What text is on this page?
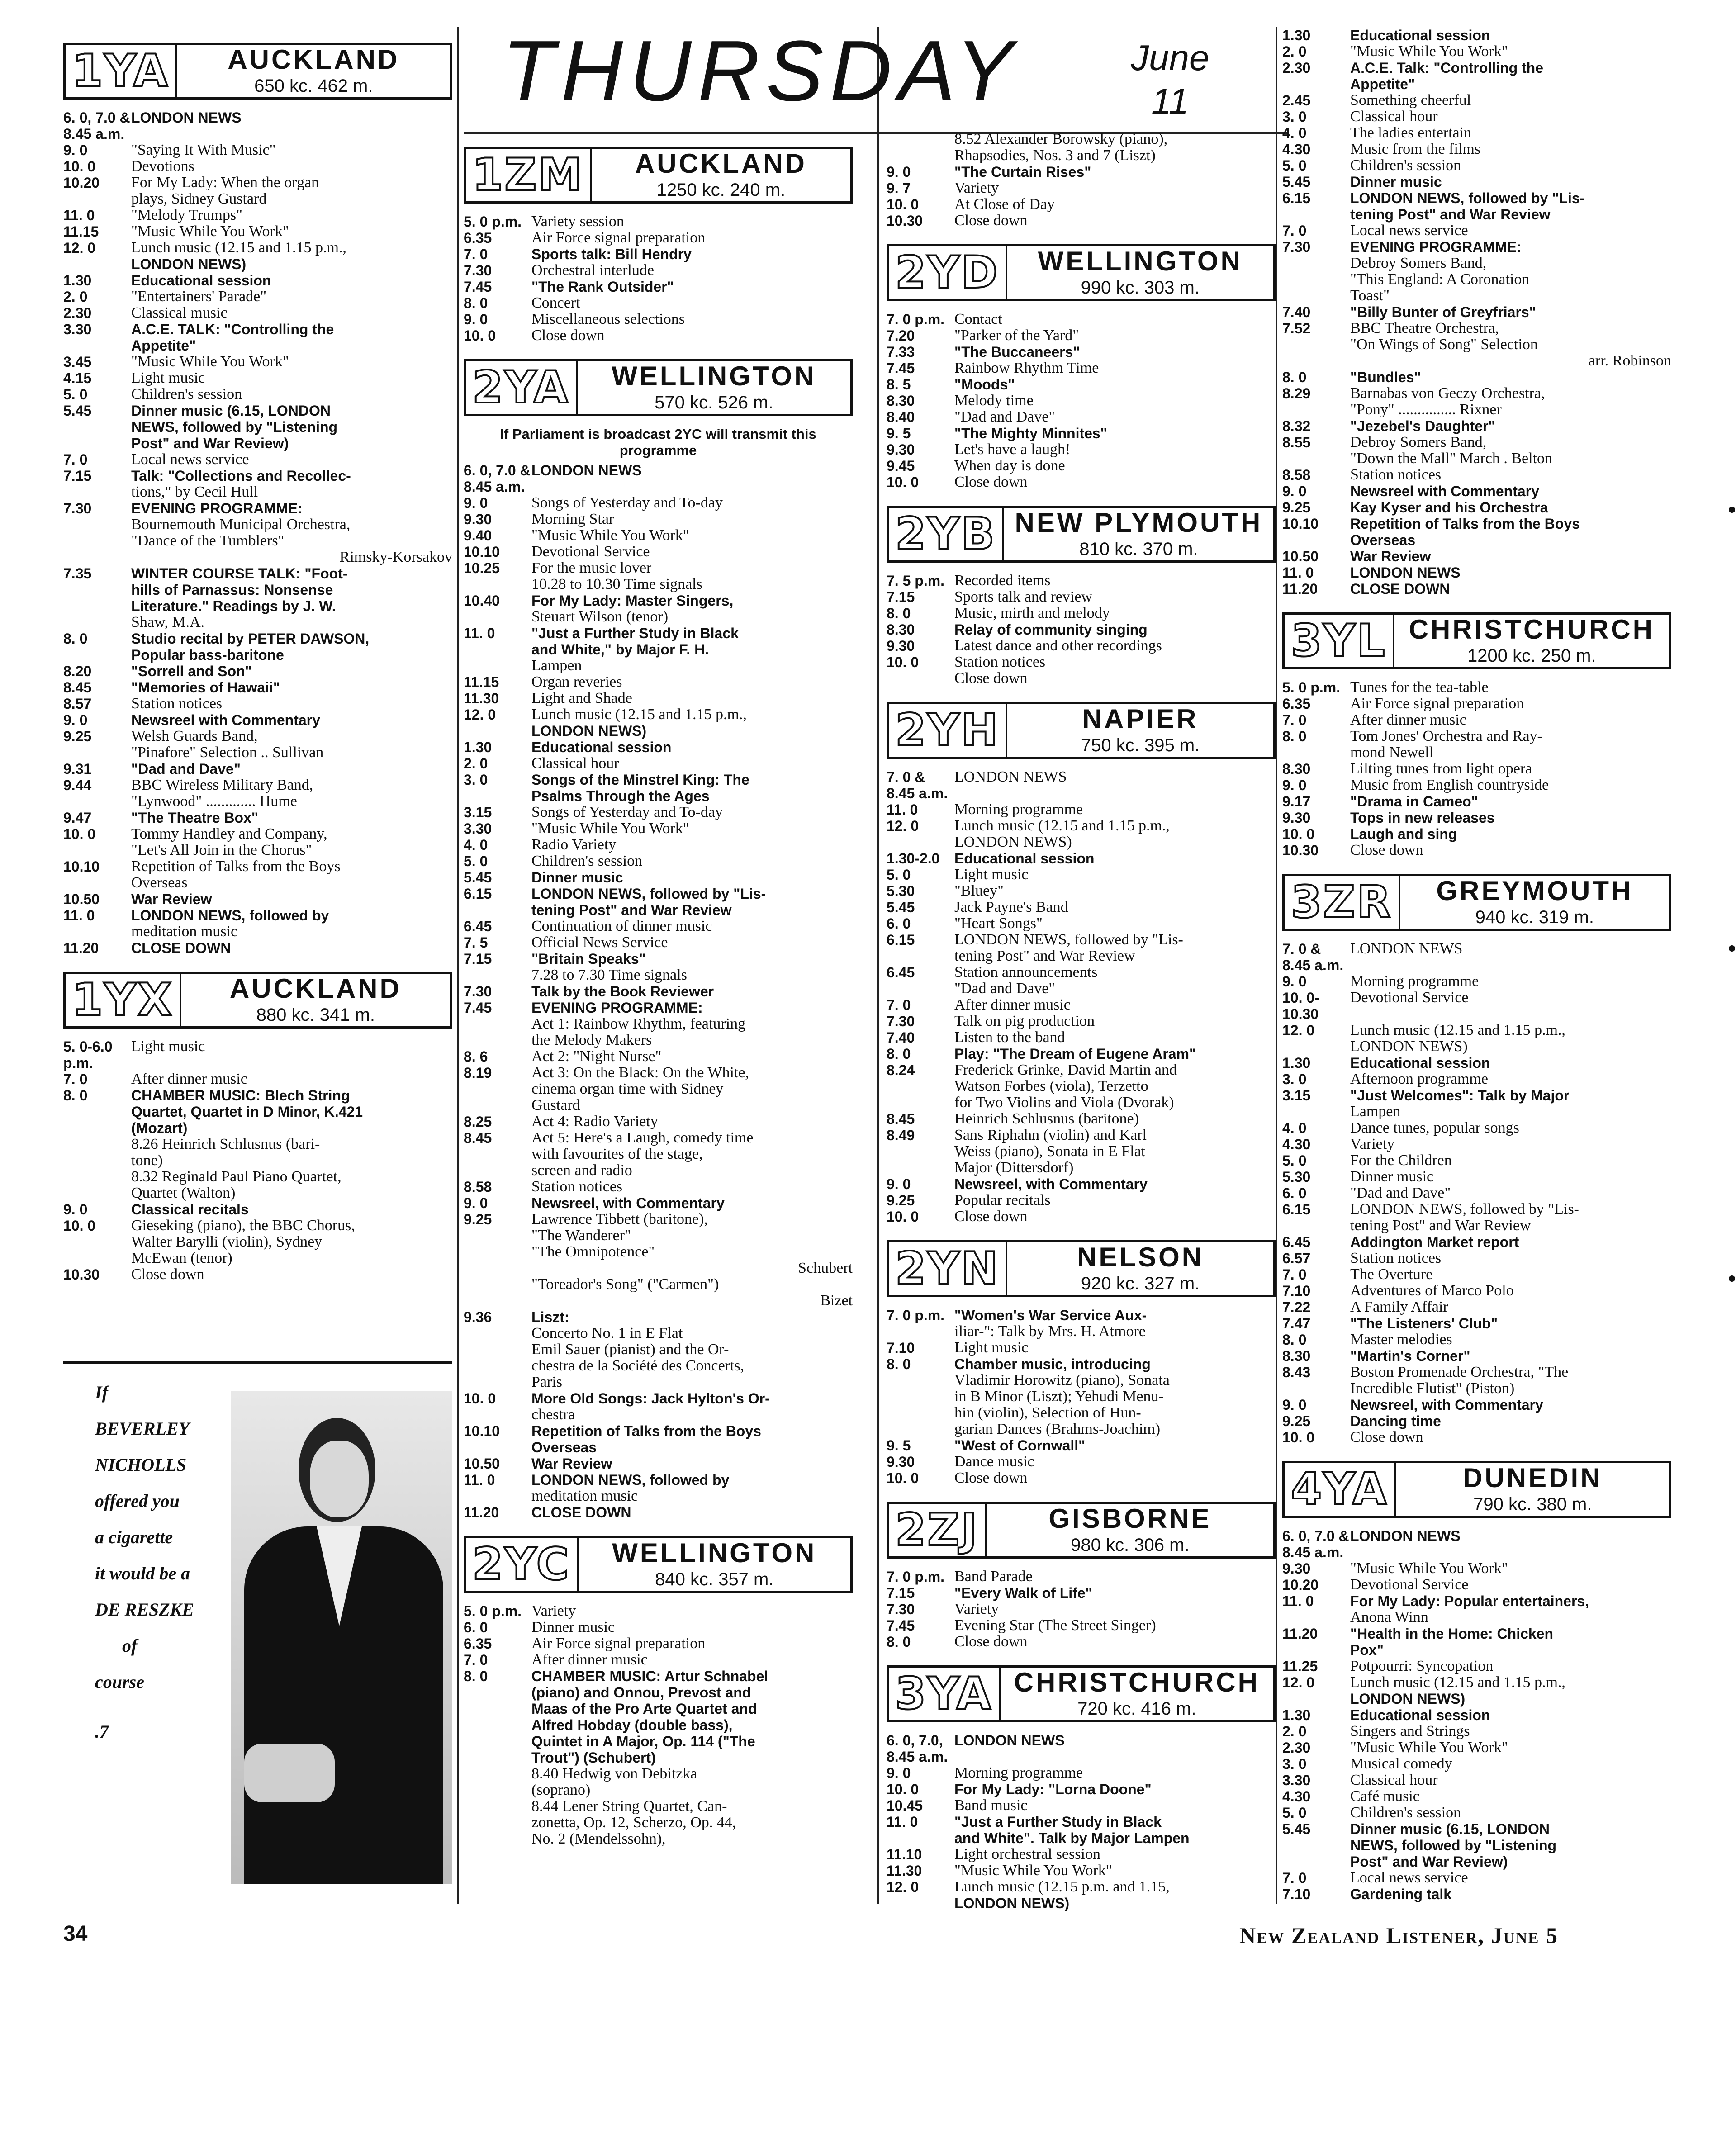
THURSDAY	June
11
1YA	AUCKLAND
650 kc. 462 m.
6. 0, 7.0 & 8.45 a.m.
LONDON NEWS
9. 0	"Saying It With Music"
10. 0	Devotions
10.20	For My Lady: When the organ
plays, Sidney Gustard
11. 0	"Melody Trumps"
11.15	"Music While You Work"
12. 0	Lunch music (12.15 and 1.15 p.m.,
LONDON NEWS)
1.30	Educational session
2. 0	"Entertainers' Parade"
2.30	Classical music
3.30	A.C.E. TALK: "Controlling the
Appetite"
3.45	"Music While You Work"
4.15	Light music
5. 0	Children's session
5.45	Dinner music (6.15, LONDON
NEWS, followed by "Listening
Post" and War Review)
7. 0	Local news service
7.15	Talk: "Collections and Recollec-
tions," by Cecil Hull
7.30	EVENING PROGRAMME:
Bournemouth Municipal Orchestra,
"Dance of the Tumblers"
Rimsky-Korsakov
7.35	WINTER COURSE TALK: "Foot-
hills of Parnassus: Nonsense
Literature." Readings by J. W.
Shaw, M.A.
8. 0	Studio recital by PETER DAWSON,
Popular bass-baritone
8.20	"Sorrell and Son"
8.45	"Memories of Hawaii"
8.57	Station notices
9. 0	Newsreel with Commentary
9.25	Welsh Guards Band,
"Pinafore" Selection .. Sullivan
9.31	"Dad and Dave"
9.44	BBC Wireless Military Band,
"Lynwood" ............. Hume
9.47	"The Theatre Box"
10. 0	Tommy Handley and Company,
"Let's All Join in the Chorus"
10.10	Repetition of Talks from the Boys
Overseas
10.50	War Review
11. 0	LONDON NEWS, followed by
meditation music
11.20	CLOSE DOWN
1YX	AUCKLAND
880 kc. 341 m.
5. 0-6.0 p.m.
Light music
7. 0	After dinner music
8. 0	CHAMBER MUSIC: Blech String
Quartet, Quartet in D Minor, K.421
(Mozart)
8.26 Heinrich Schlusnus (bari-
tone)
8.32 Reginald Paul Piano Quartet,
Quartet (Walton)
9. 0	Classical recitals
10. 0	Gieseking (piano), the BBC Chorus,
Walter Barylli (violin), Sydney
McEwan (tenor)
10.30	Close down
1ZM	AUCKLAND
1250 kc. 240 m.
5. 0 p.m. Variety session
6.35	Air Force signal preparation
7. 0	Sports talk: Bill Hendry
7.30	Orchestral interlude
7.45	"The Rank Outsider"
8. 0	Concert
9. 0	Miscellaneous selections
10. 0	Close down
2YA	WELLINGTON
570 kc. 526 m.
If Parliament is broadcast 2YC will transmit this programme
6. 0, 7.0 & 8.45 a.m.
LONDON NEWS
9. 0	Songs of Yesterday and To-day
9.30	Morning Star
9.40	"Music While You Work"
10.10	Devotional Service
10.25	For the music lover
10.28 to 10.30 Time signals
10.40	For My Lady: Master Singers,
Steuart Wilson (tenor)
11. 0	"Just a Further Study in Black
and White," by Major F. H.
Lampen
11.15	Organ reveries
11.30	Light and Shade
12. 0	Lunch music (12.15 and 1.15 p.m.,
LONDON NEWS)
1.30	Educational session
2. 0	Classical hour
3. 0	Songs of the Minstrel King: The
Psalms Through the Ages
3.15	Songs of Yesterday and To-day
3.30	"Music While You Work"
4. 0	Radio Variety
5. 0	Children's session
5.45	Dinner music
6.15	LONDON NEWS, followed by "Lis-
tening Post" and War Review
6.45	Continuation of dinner music
7. 5	Official News Service
7.15	"Britain Speaks"
7.28 to 7.30 Time signals
7.30	Talk by the Book Reviewer
7.45	EVENING PROGRAMME:
Act 1: Rainbow Rhythm, featuring
the Melody Makers
8. 6	Act 2: "Night Nurse"
8.19	Act 3: On the Black: On the White,
cinema organ time with Sidney
Gustard
8.25	Act 4: Radio Variety
8.45	Act 5: Here's a Laugh, comedy time
with favourites of the stage,
screen and radio
8.58	Station notices
9. 0	Newsreel, with Commentary
9.25	Lawrence Tibbett (baritone),
"The Wanderer"
"The Omnipotence"
Schubert
"Toreador's Song" ("Carmen")
Bizet
9.36	Liszt:
Concerto No. 1 in E Flat
Emil Sauer (pianist) and the Or-
chestra de la Société des Concerts,
Paris
10. 0	More Old Songs: Jack Hylton's Or-
chestra
10.10	Repetition of Talks from the Boys
Overseas
10.50	War Review
11. 0	LONDON NEWS, followed by
meditation music
11.20	CLOSE DOWN
2YC	WELLINGTON
840 kc. 357 m.
5. 0 p.m. Variety
6. 0	Dinner music
6.35	Air Force signal preparation
7. 0	After dinner music
8. 0	CHAMBER MUSIC: Artur Schnabel
(piano) and Onnou, Prevost and
Maas of the Pro Arte Quartet and
Alfred Hobday (double bass),
Quintet in A Major, Op. 114 ("The
Trout") (Schubert)
8.40 Hedwig von Debitzka
(soprano)
8.44 Lener String Quartet, Can-
zonetta, Op. 12, Scherzo, Op. 44,
No. 2 (Mendelssohn),
8.52 Alexander Borowsky (piano),
Rhapsodies, Nos. 3 and 7 (Liszt)
9. 0	"The Curtain Rises"
9. 7	Variety
10. 0	At Close of Day
10.30	Close down
2YD	WELLINGTON
990 kc. 303 m.
7. 0 p.m. Contact
7.20	"Parker of the Yard"
7.33	"The Buccaneers"
7.45	Rainbow Rhythm Time
8. 5	"Moods"
8.30	Melody time
8.40	"Dad and Dave"
9. 5	"The Mighty Minnites"
9.30	Let's have a laugh!
9.45	When day is done
10. 0	Close down
2YB NEW PLYMOUTH
810 kc. 370 m.
7. 5 p.m. Recorded items
7.15	Sports talk and review
8. 0	Music, mirth and melody
8.30	Relay of community singing
9.30	Latest dance and other recordings
10. 0	Station notices
Close down
2YH	NAPIER
750 kc. 395 m.
7. 0 & 8.45 a.m.
LONDON NEWS
11. 0	Morning programme
12. 0	Lunch music (12.15 and 1.15 p.m.,
LONDON NEWS)
1.30-2.0	Educational session
5. 0	Light music
5.30	"Bluey"
5.45	Jack Payne's Band
6. 0	"Heart Songs"
6.15	LONDON NEWS, followed by "Lis-
tening Post" and War Review
6.45	Station announcements
"Dad and Dave"
7. 0	After dinner music
7.30	Talk on pig production
7.40	Listen to the band
8. 0	Play: "The Dream of Eugene Aram"
8.24	Frederick Grinke, David Martin and
Watson Forbes (viola), Terzetto
for Two Violins and Viola (Dvorak)
8.45	Heinrich Schlusnus (baritone)
8.49	Sans Riphahn (violin) and Karl
Weiss (piano), Sonata in E Flat
Major (Dittersdorf)
9. 0	Newsreel, with Commentary
9.25	Popular recitals
10. 0	Close down
2YN	NELSON
920 kc. 327 m.
7. 0 p.m. "Women's War Service Aux-
iliar-": Talk by Mrs. H. Atmore
7.10	Light music
8. 0	Chamber music, introducing
Vladimir Horowitz (piano), Sonata
in B Minor (Liszt); Yehudi Menu-
hin (violin), Selection of Hun-
garian Dances (Brahms-Joachim)
9. 5	"West of Cornwall"
9.30	Dance music
10. 0	Close down
2ZJ	GISBORNE
980 kc. 306 m.
7. 0 p.m. Band Parade
7.15	"Every Walk of Life"
7.30	Variety
7.45	Evening Star (The Street Singer)
8. 0	Close down
3YA CHRISTCHURCH
720 kc. 416 m.
6. 0, 7.0, 8.45 a.m.
LONDON NEWS
9. 0	Morning programme
10. 0	For My Lady: "Lorna Doone"
10.45	Band music
11. 0	"Just a Further Study in Black
and White". Talk by Major Lampen
11.10	Light orchestral session
11.30	"Music While You Work"
12. 0	Lunch music (12.15 p.m. and 1.15,
LONDON NEWS)
1.30	Educational session
2. 0	"Music While You Work"
2.30	A.C.E. Talk: "Controlling the
Appetite"
2.45	Something cheerful
3. 0	Classical hour
4. 0	The ladies entertain
4.30	Music from the films
5. 0	Children's session
5.45	Dinner music
6.15	LONDON NEWS, followed by "Lis-
tening Post" and War Review
7. 0	Local news service
7.30	EVENING PROGRAMME:
Debroy Somers Band,
"This England: A Coronation
Toast"
7.40	"Billy Bunter of Greyfriars"
7.52	BBC Theatre Orchestra,
"On Wings of Song" Selection
arr. Robinson
8. 0	"Bundles"
8.29	Barnabas von Geczy Orchestra,
"Pony" ............... Rixner
8.32	"Jezebel's Daughter"
8.55	Debroy Somers Band,
"Down the Mall" March . Belton
8.58	Station notices
9. 0	Newsreel with Commentary
9.25	Kay Kyser and his Orchestra
10.10	Repetition of Talks from the Boys
Overseas
10.50	War Review
11. 0	LONDON NEWS
11.20	CLOSE DOWN
3YL CHRISTCHURCH
1200 kc. 250 m.
5. 0 p.m. Tunes for the tea-table
6.35	Air Force signal preparation
7. 0	After dinner music
8. 0	Tom Jones' Orchestra and Ray-
mond Newell
8.30	Lilting tunes from light opera
9. 0	Music from English countryside
9.17	"Drama in Cameo"
9.30	Tops in new releases
10. 0	Laugh and sing
10.30	Close down
3ZR	GREYMOUTH
940 kc. 319 m.
7. 0 & 8.45 a.m.
LONDON NEWS
9. 0	Morning programme
10. 0-10.30
Devotional Service
12. 0	Lunch music (12.15 and 1.15 p.m.,
LONDON NEWS)
1.30	Educational session
3. 0	Afternoon programme
3.15	"Just Welcomes": Talk by Major
Lampen
4. 0	Dance tunes, popular songs
4.30	Variety
5. 0	For the Children
5.30	Dinner music
6. 0	"Dad and Dave"
6.15	LONDON NEWS, followed by "Lis-
tening Post" and War Review
6.45	Addington Market report
6.57	Station notices
7. 0	The Overture
7.10	Adventures of Marco Polo
7.22	A Family Affair
7.47	"The Listeners' Club"
8. 0	Master melodies
8.30	"Martin's Corner"
8.43	Boston Promenade Orchestra, "The
Incredible Flutist" (Piston)
9. 0	Newsreel, with Commentary
9.25	Dancing time
10. 0	Close down
4YA	DUNEDIN
790 kc. 380 m.
6. 0, 7.0 & 8.45 a.m.
LONDON NEWS
9.30	"Music While You Work"
10.20	Devotional Service
11. 0	For My Lady: Popular entertainers,
Anona Winn
11.20	"Health in the Home: Chicken
Pox"
11.25	Potpourri: Syncopation
12. 0	Lunch music (12.15 and 1.15 p.m.,
LONDON NEWS)
1.30	Educational session
2. 0	Singers and Strings
2.30	"Music While You Work"
3. 0	Musical comedy
3.30	Classical hour
4.30	Café music
5. 0	Children's session
5.45	Dinner music (6.15, LONDON
NEWS, followed by "Listening
Post" and War Review)
7. 0	Local news service
7.10	Gardening talk
If
BEVERLEY
NICHOLLS
offered you
a cigarette
it would be a
DE RESZKE
of
course
.7
34	New Zealand Listener, June 5
